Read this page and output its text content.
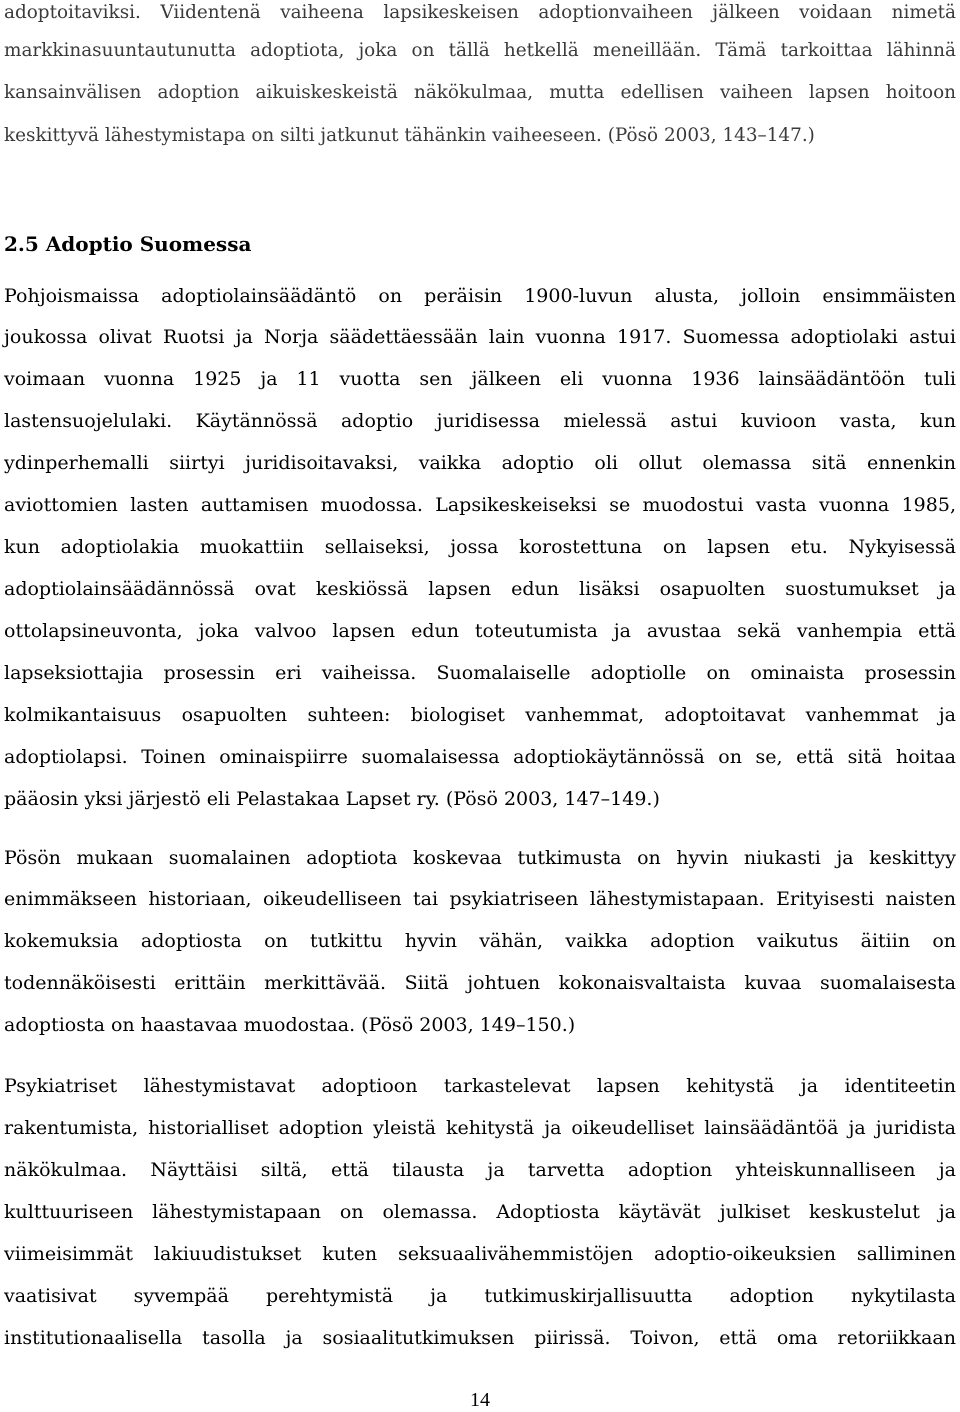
adoptoitaviksi. Viidentenä vaiheena lapsikeskeisen adoptionvaiheen jälkeen voidaan nimetä
markkinasuuntautunutta adoptiota, joka on tällä hetkellä meneillään. Tämä tarkoittaa lähinnä
kansainvälisen adoption aikuiskeskeistä näkökulmaa, mutta edellisen vaiheen lapsen hoitoon
keskittyvä lähestymistapa on silti jatkunut tähänkin vaiheeseen. (Pösö 2003, 143–147.)
2.5 Adoptio Suomessa
Pohjoismaissa adoptiolainsäädäntö on peräisin 1900-luvun alusta, jolloin ensimmäisten
joukossa olivat Ruotsi ja Norja säädettäessään lain vuonna 1917. Suomessa adoptiolaki astui
voimaan vuonna 1925 ja 11 vuotta sen jälkeen eli vuonna 1936 lainsäädäntöön tuli
lastensuojelulaki. Käytännössä adoptio juridisessa mielessä astui kuvioon vasta, kun
ydinperhemalli siirtyi juridisoitavaksi, vaikka adoptio oli ollut olemassa sitä ennenkin
aviottomien lasten auttamisen muodossa. Lapsikeskeiseksi se muodostui vasta vuonna 1985,
kun adoptiolakia muokattiin sellaiseksi, jossa korostettuna on lapsen etu. Nykyisessä
adoptiolainsäädännössä ovat keskiössä lapsen edun lisäksi osapuolten suostumukset ja
ottolapsineuvonta, joka valvoo lapsen edun toteutumista ja avustaa sekä vanhempia että
lapseksiottajia prosessin eri vaiheissa. Suomalaiselle adoptiolle on ominaista prosessin
kolmikantaisuus osapuolten suhteen: biologiset vanhemmat, adoptoitavat vanhemmat ja
adoptiolapsi. Toinen ominaispiirre suomalaisessa adoptiokäytännössä on se, että sitä hoitaa
pääosin yksi järjestö eli Pelastakaa Lapset ry. (Pösö 2003, 147–149.)
Pösön mukaan suomalainen adoptiota koskevaa tutkimusta on hyvin niukasti ja keskittyy
enimmäkseen historiaan, oikeudelliseen tai psykiatriseen lähestymistapaan. Erityisesti naisten
kokemuksia adoptiosta on tutkittu hyvin vähän, vaikka adoption vaikutus äitiin on
todennäköisesti erittäin merkittävää. Siitä johtuen kokonaisvaltaista kuvaa suomalaisesta
adoptiosta on haastavaa muodostaa. (Pösö 2003, 149–150.)
Psykiatriset lähestymistavat adoptioon tarkastelevat lapsen kehitystä ja identiteetin
rakentumista, historialliset adoption yleistä kehitystä ja oikeudelliset lainsäädäntöä ja juridista
näkökulmaa. Näyttäisi siltä, että tilausta ja tarvetta adoption yhteiskunnalliseen ja
kulttuuriseen lähestymistapaan on olemassa. Adoptiosta käytävät julkiset keskustelut ja
viimeisimmät lakiuudistukset kuten seksuaalivähemmistöjen adoptio-oikeuksien salliminen
vaatisivat syvempää perehtymistä ja tutkimuskirjallisuutta adoption nykytilasta
institutionaalisella tasolla ja sosiaalitutkimuksen piirissä. Toivon, että oma retoriikkaan
14
